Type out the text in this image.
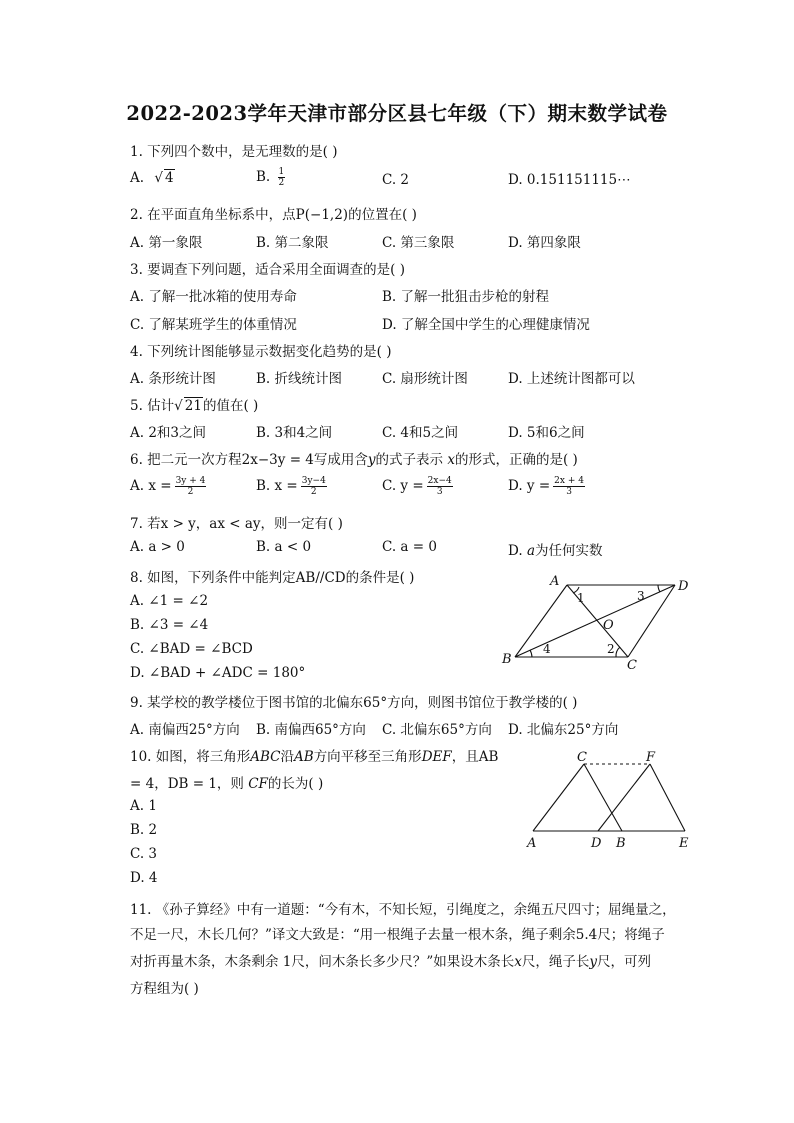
2022-2023学年天津市部分区县七年级（下）期末数学试卷
1. 下列四个数中，是无理数的是( )
A. √ 4	B. $\frac{1}{2}$	C. 2	D. 0.151151115⋯
2. 在平面直角坐标系中，点P(−1,2)的位置在( )
A. 第一象限	B. 第二象限	C. 第三象限	D. 第四象限
3. 要调查下列问题，适合采用全面调查的是( )
A. 了解一批冰箱的使用寿命	B. 了解一批狙击步枪的射程
C. 了解某班学生的体重情况	D. 了解全国中学生的心理健康情况
4. 下列统计图能够显示数据变化趋势的是( )
A. 条形统计图	B. 折线统计图	C. 扇形统计图	D. 上述统计图都可以
5. 估计√ 21的值在( )
A. 2和3之间	B. 3和4之间	C. 4和5之间	D. 5和6之间
6. 把二元一次方程2x−3y = 4写成用含y的式子表示 x的形式，正确的是( )
A. $x = \frac{3y + 4}{2}$	B. $x = \frac{3y-4}{2}$	C. $y = \frac{2x-4}{3}$	D. $y = \frac{2x + 4}{3}$
7. 若x > y，ax < ay，则一定有( )
A. a > 0	B. a < 0	C. a = 0	D. a为任何实数
8. 如图，下列条件中能判定AB//CD的条件是( )
A. ∠1 = ∠2
B. ∠3 = ∠4
C. ∠BAD = ∠BCD
D. ∠BAD + ∠ADC = 180°
A	D
B	C
O
1
2
3
4
9. 某学校的教学楼位于图书馆的北偏东65°方向，则图书馆位于教学楼的( )
A. 南偏西25°方向 B. 南偏西65°方向 C. 北偏东65°方向 D. 北偏东25°方向
10. 如图，将三角形ABC沿AB方向平移至三角形DEF，且AB
= 4，DB = 1，则 CF的长为( )
A. 1
B. 2
C. 3
D. 4
A
C
D B
F
E
11. 《孙子算经》中有一道题：“今有木，不知长短，引绳度之，余绳五尺四寸；屈绳量之，
不足一尺，木长几何？”译文大致是：“用一根绳子去量一根木条，绳子剩余5.4尺；将绳子
对折再量木条，木条剩余 1尺，问木条长多少尺？”如果设木条长x尺，绳子长y尺，可列
方程组为( )
